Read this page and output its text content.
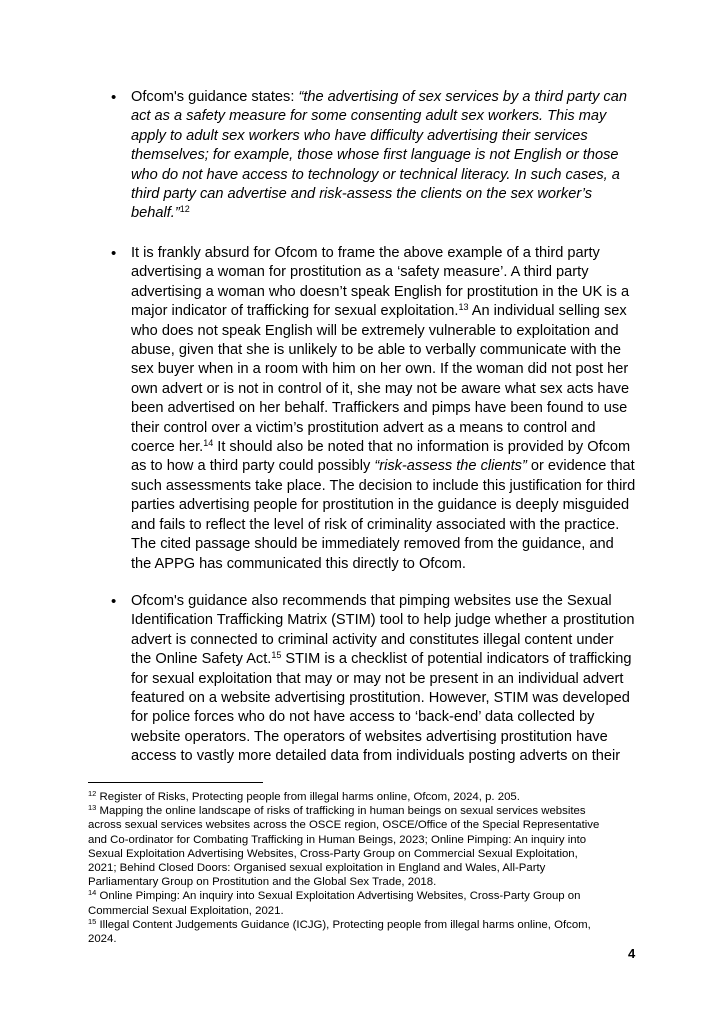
• Ofcom's guidance states: “the advertising of sex services by a third party can
act as a safety measure for some consenting adult sex workers. This may
apply to adult sex workers who have difficulty advertising their services
themselves; for example, those whose first language is not English or those
who do not have access to technology or technical literacy. In such cases, a
third party can advertise and risk-assess the clients on the sex worker’s
behalf.”$^{12}$
• It is frankly absurd for Ofcom to frame the above example of a third party
advertising a woman for prostitution as a ‘safety measure’. A third party
advertising a woman who doesn’t speak English for prostitution in the UK is a
major indicator of trafficking for sexual exploitation.$^{13}$ An individual selling sex
who does not speak English will be extremely vulnerable to exploitation and
abuse, given that she is unlikely to be able to verbally communicate with the
sex buyer when in a room with him on her own. If the woman did not post her
own advert or is not in control of it, she may not be aware what sex acts have
been advertised on her behalf. Traffickers and pimps have been found to use
their control over a victim’s prostitution advert as a means to control and
coerce her.$^{14}$ It should also be noted that no information is provided by Ofcom
as to how a third party could possibly “risk-assess the clients” or evidence that
such assessments take place. The decision to include this justification for third
parties advertising people for prostitution in the guidance is deeply misguided
and fails to reflect the level of risk of criminality associated with the practice.
The cited passage should be immediately removed from the guidance, and
the APPG has communicated this directly to Ofcom.
• Ofcom's guidance also recommends that pimping websites use the Sexual
Identification Trafficking Matrix (STIM) tool to help judge whether a prostitution
advert is connected to criminal activity and constitutes illegal content under
the Online Safety Act.$^{15}$ STIM is a checklist of potential indicators of trafficking
for sexual exploitation that may or may not be present in an individual advert
featured on a website advertising prostitution. However, STIM was developed
for police forces who do not have access to ‘back-end’ data collected by
website operators. The operators of websites advertising prostitution have
access to vastly more detailed data from individuals posting adverts on their
$^{12}$ Register of Risks, Protecting people from illegal harms online, Ofcom, 2024, p. 205.
$^{13}$ Mapping the online landscape of risks of trafficking in human beings on sexual services websites
across sexual services websites across the OSCE region, OSCE/Office of the Special Representative
and Co-ordinator for Combating Trafficking in Human Beings, 2023; Online Pimping: An inquiry into
Sexual Exploitation Advertising Websites, Cross-Party Group on Commercial Sexual Exploitation,
2021; Behind Closed Doors: Organised sexual exploitation in England and Wales, All-Party
Parliamentary Group on Prostitution and the Global Sex Trade, 2018.
$^{14}$ Online Pimping: An inquiry into Sexual Exploitation Advertising Websites, Cross-Party Group on
Commercial Sexual Exploitation, 2021.
$^{15}$ Illegal Content Judgements Guidance (ICJG), Protecting people from illegal harms online, Ofcom,
2024.
4
